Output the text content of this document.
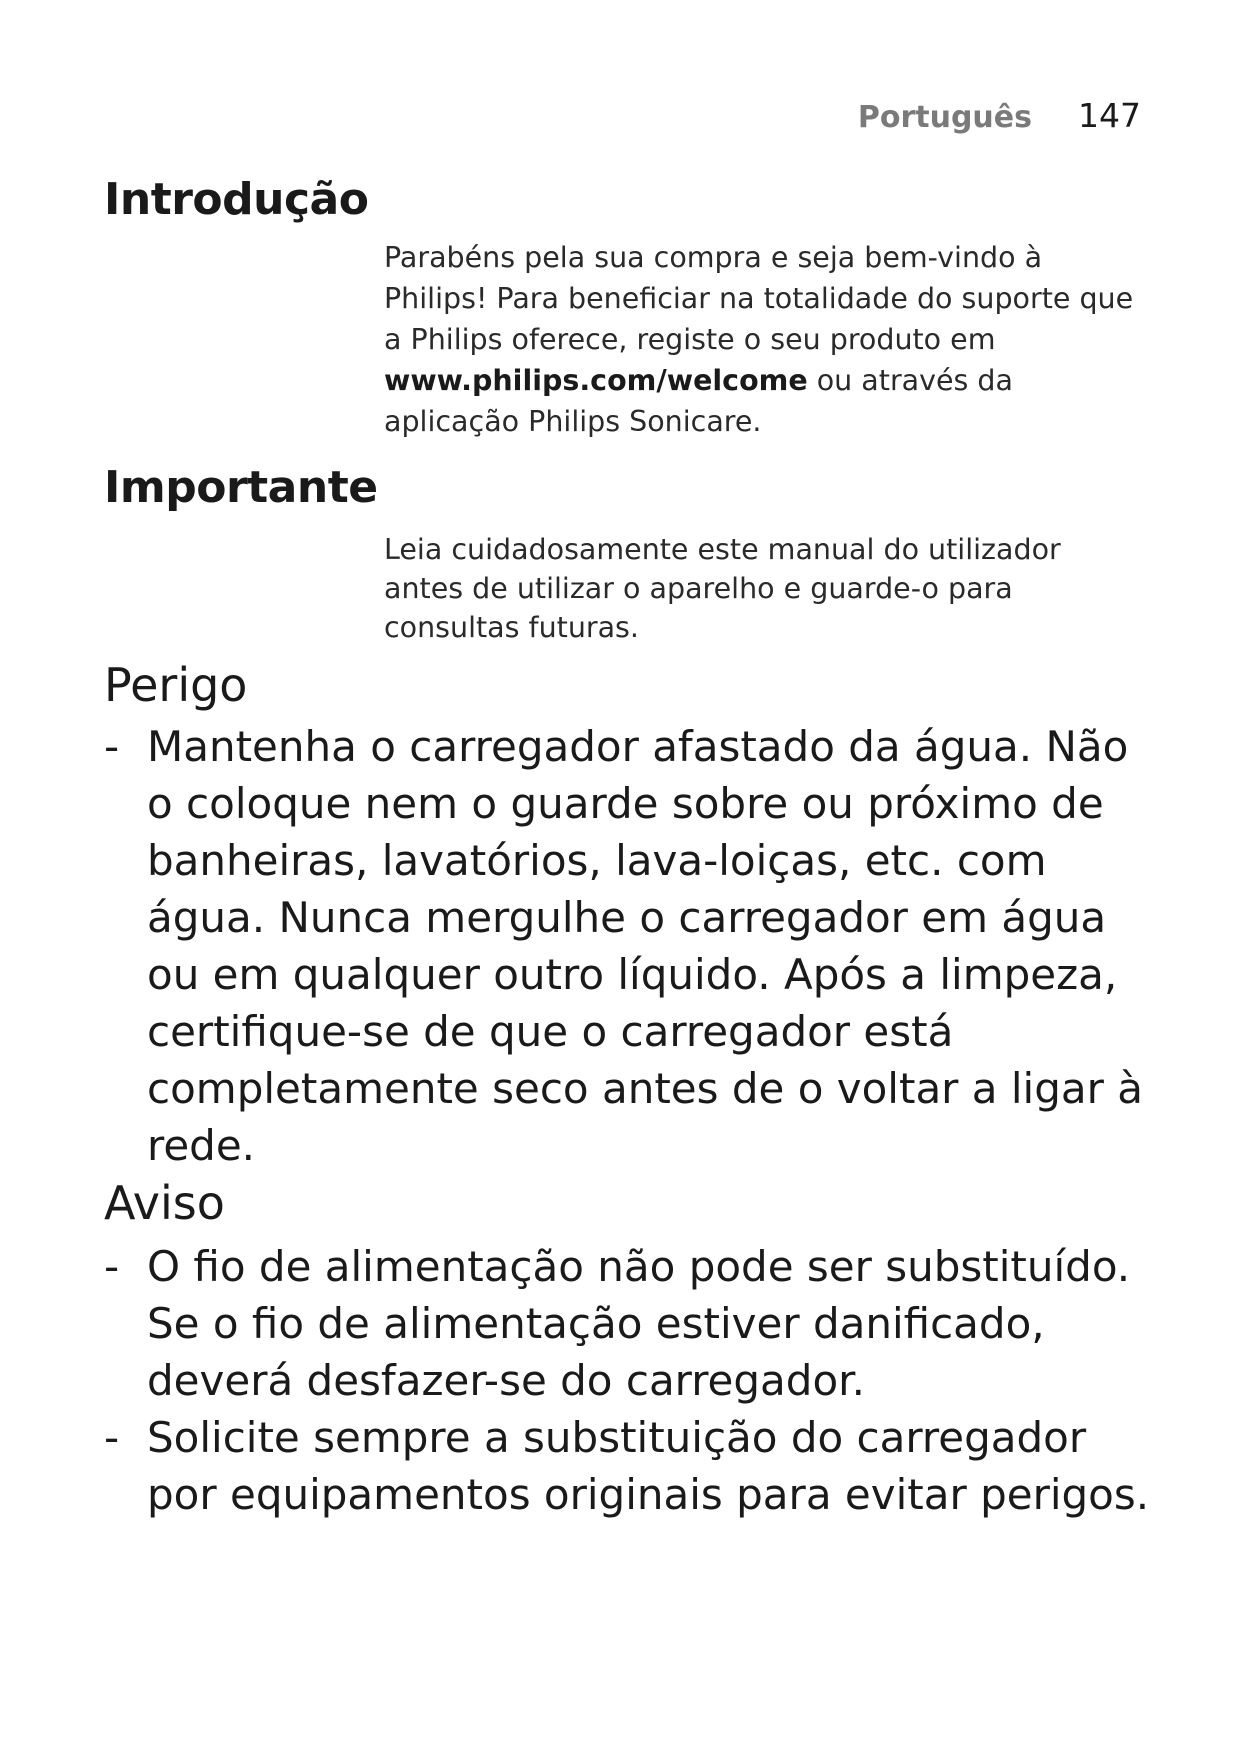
Português 147
Introdução

Parabéns pela sua compra e seja bem-vindo à Philips! Para beneficiar na totalidade do suporte que a Philips oferece, registe o seu produto em www.philips.com/welcome ou através da aplicação Philips Sonicare.

Importante

Leia cuidadosamente este manual do utilizador antes de utilizar o aparelho e guarde-o para consultas futuras.

Perigo
- Mantenha o carregador afastado da água. Não o coloque nem o guarde sobre ou próximo de banheiras, lavatórios, lava-loiças, etc. com água. Nunca mergulhe o carregador em água ou em qualquer outro líquido. Após a limpeza, certifique-se de que o carregador está completamente seco antes de o voltar a ligar à rede.
Aviso
- O fio de alimentação não pode ser substituído. Se o fio de alimentação estiver danificado, deverá desfazer-se do carregador.
- Solicite sempre a substituição do carregador por equipamentos originais para evitar perigos.
